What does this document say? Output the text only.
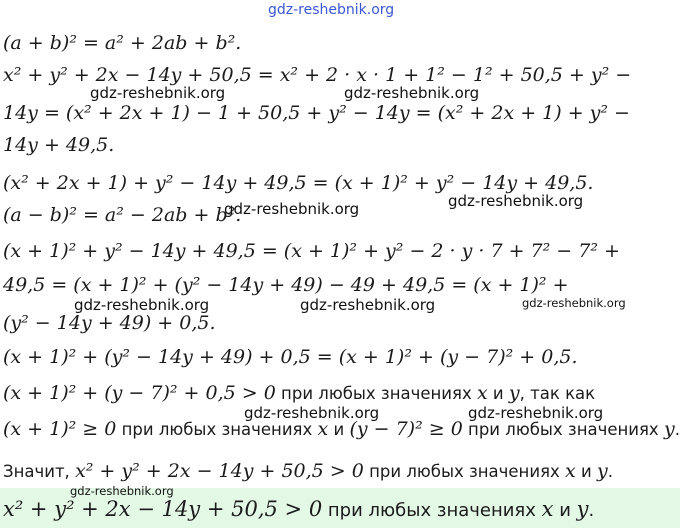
gdz-reshebnik.org
(a + b)² = a² + 2ab + b².
x² + y² + 2x − 14y + 50,5 = x² + 2 · x · 1 + 1² − 1² + 50,5 + y² −
14y = (x² + 2x + 1) − 1 + 50,5 + y² − 14y = (x² + 2x + 1) + y² −
14y + 49,5.
(x² + 2x + 1) + y² − 14y + 49,5 = (x + 1)² + y² − 14y + 49,5.
(a − b)² = a² − 2ab + b².
(x + 1)² + y² − 14y + 49,5 = (x + 1)² + y² − 2 · y · 7 + 7² − 7² +
49,5 = (x + 1)² + (y² − 14y + 49) − 49 + 49,5 = (x + 1)² +
(y² − 14y + 49) + 0,5.
(x + 1)² + (y² − 14y + 49) + 0,5 = (x + 1)² + (y − 7)² + 0,5.
(x + 1)² + (y − 7)² + 0,5 > 0 при любых значениях x и y, так как
(x + 1)² ≥ 0 при любых значениях x и (y − 7)² ≥ 0 при любых значениях y.
Значит, x² + y² + 2x − 14y + 50,5 > 0 при любых значениях x и y.
x² + y² + 2x − 14y + 50,5 > 0 при любых значениях x и y.
gdz-reshebnik.org	gdz-reshebnik.org
gdz-reshebnik.org	gdz-reshebnik.org
gdz-reshebnik.org	gdz-reshebnik.org	gdz-reshebnik.org
gdz-reshebnik.org	gdz-reshebnik.org
gdz-reshebnik.org
